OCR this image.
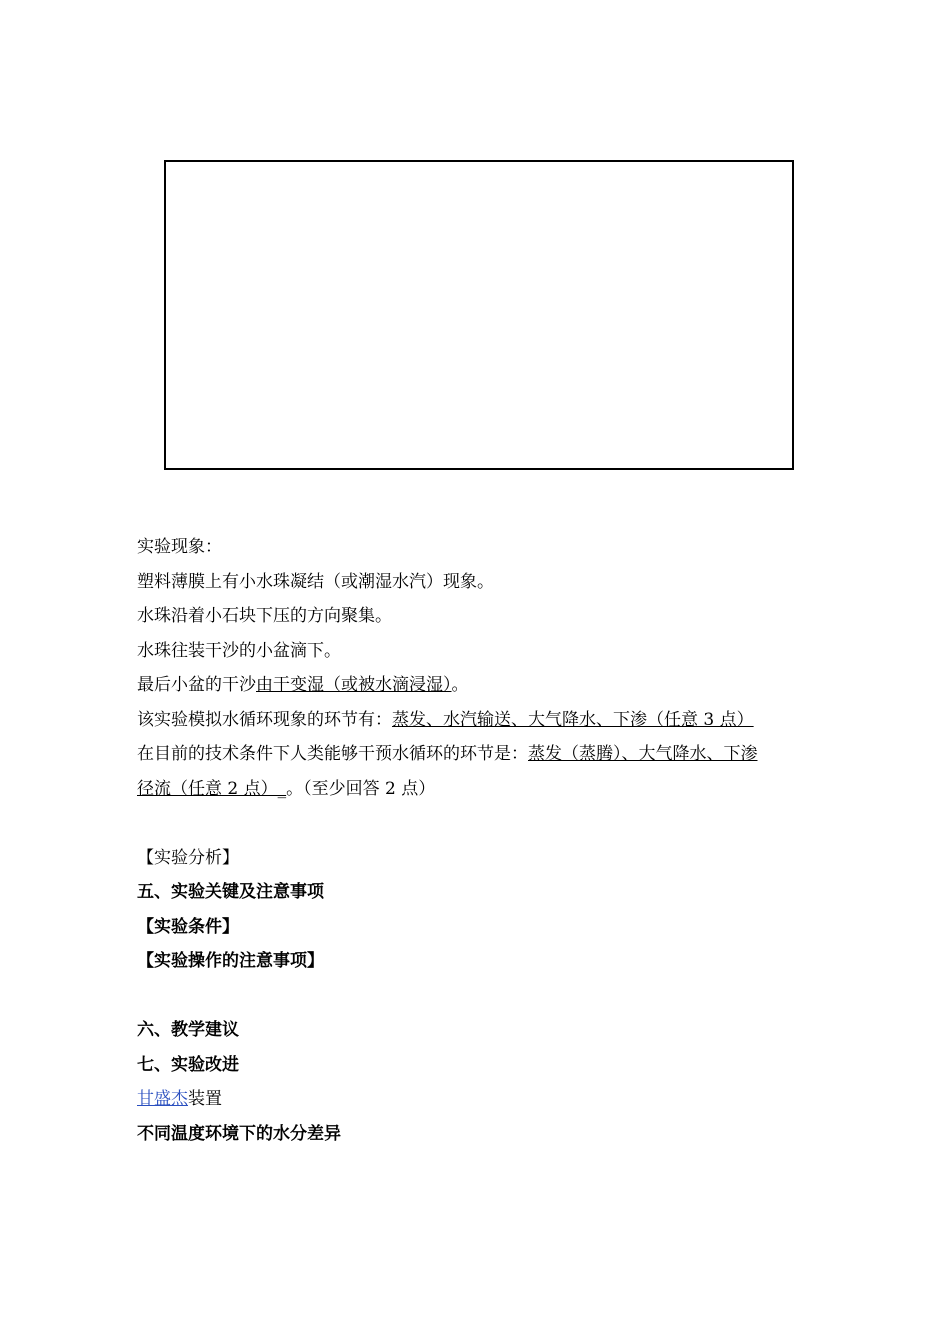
实验现象：
塑料薄膜上有小水珠凝结（或潮湿水汽）现象。
水珠沿着小石块下压的方向聚集。
水珠往装干沙的小盆滴下。
最后小盆的干沙由干变湿（或被水滴浸湿）。
该实验模拟水循环现象的环节有：蒸发、水汽输送、大气降水、下渗（任意 3 点）
在目前的技术条件下人类能够干预水循环的环节是：蒸发（蒸腾）、大气降水、下渗
径流（任意 2 点）_。（至少回答 2 点）
【实验分析】
五、实验关键及注意事项
【实验条件】
【实验操作的注意事项】
六、教学建议
七、实验改进
甘盛杰装置
不同温度环境下的水分差异
